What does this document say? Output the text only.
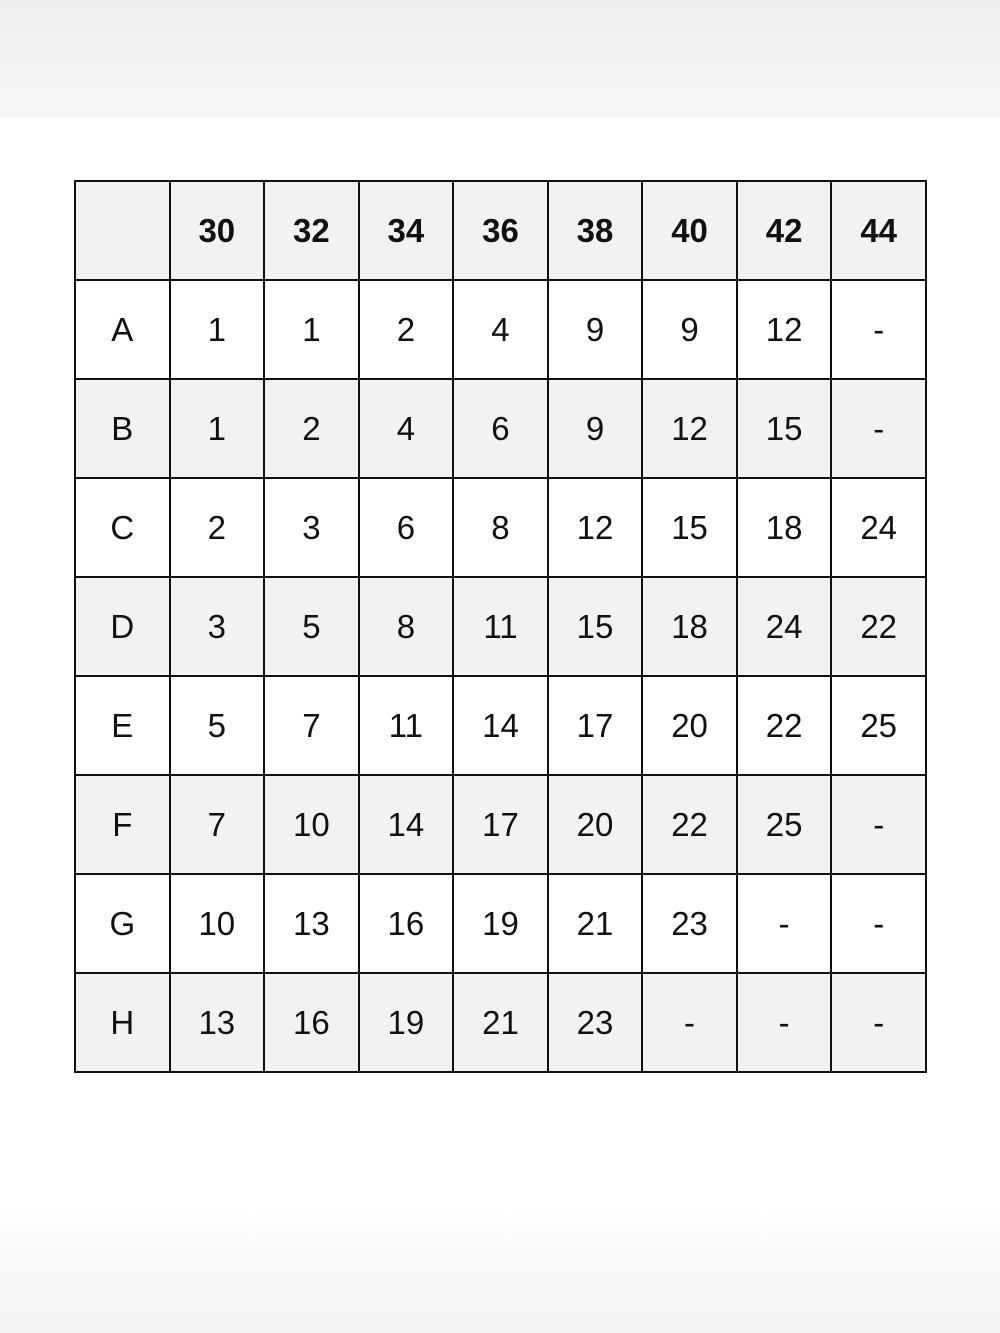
	30	32	34	36	38	40	42	44
A	1	1	2	4	9	9	12	-
B	1	2	4	6	9	12	15	-
C	2	3	6	8	12	15	18	24
D	3	5	8	11	15	18	24	22
E	5	7	11	14	17	20	22	25
F	7	10	14	17	20	22	25	-
G	10	13	16	19	21	23	-	-
H	13	16	19	21	23	-	-	-
